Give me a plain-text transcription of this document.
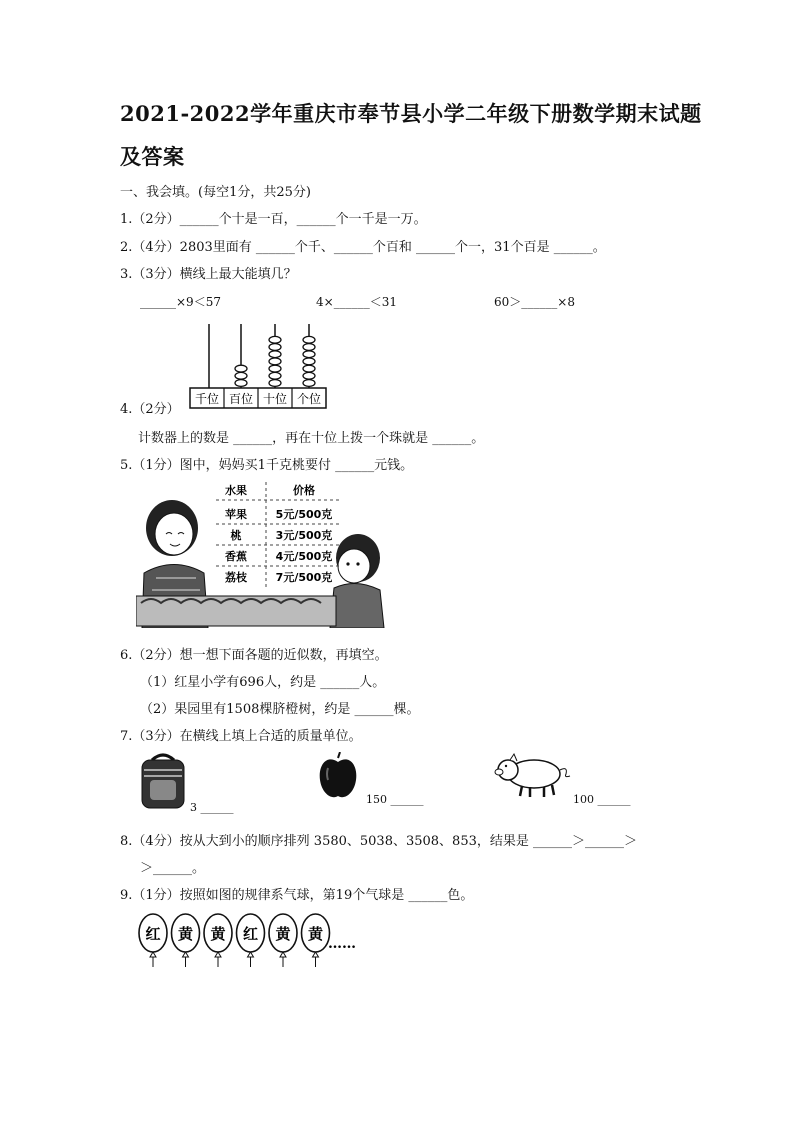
2021-2022学年重庆市奉节县小学二年级下册数学期末试题
及答案
一、我会填。(每空1分，共25分)
1.（2分）______个十是一百，______个一千是一万。
2.（4分）2803里面有 ______个千、______个百和 ______个一，31个百是 ______。
3.（3分）横线上最大能填几？
______×9＜57	4×______＜31	60＞______×8
4.（2分）
千位 百位 十位 个位
计数器上的数是 ______，再在十位上拨一个珠就是 ______。
5.（1分）图中，妈妈买1千克桃要付 ______元钱。
水果	价格
苹果	5元/500克
桃	3元/500克
香蕉	4元/500克
荔枝	7元/500克
6.（2分）想一想下面各题的近似数，再填空。
（1）红星小学有696人，约是 ______人。
（2）果园里有1508棵脐橙树，约是 ______棵。
7.（3分）在横线上填上合适的质量单位。
3 ______
150 ______	100 ______
8.（4分）按从大到小的顺序排列 3580、5038、3508、853，结果是 ______＞______＞
＞______。
9.（1分）按照如图的规律系气球，第19个气球是 ______色。
红 黄 黄 红 黄 黄
……
